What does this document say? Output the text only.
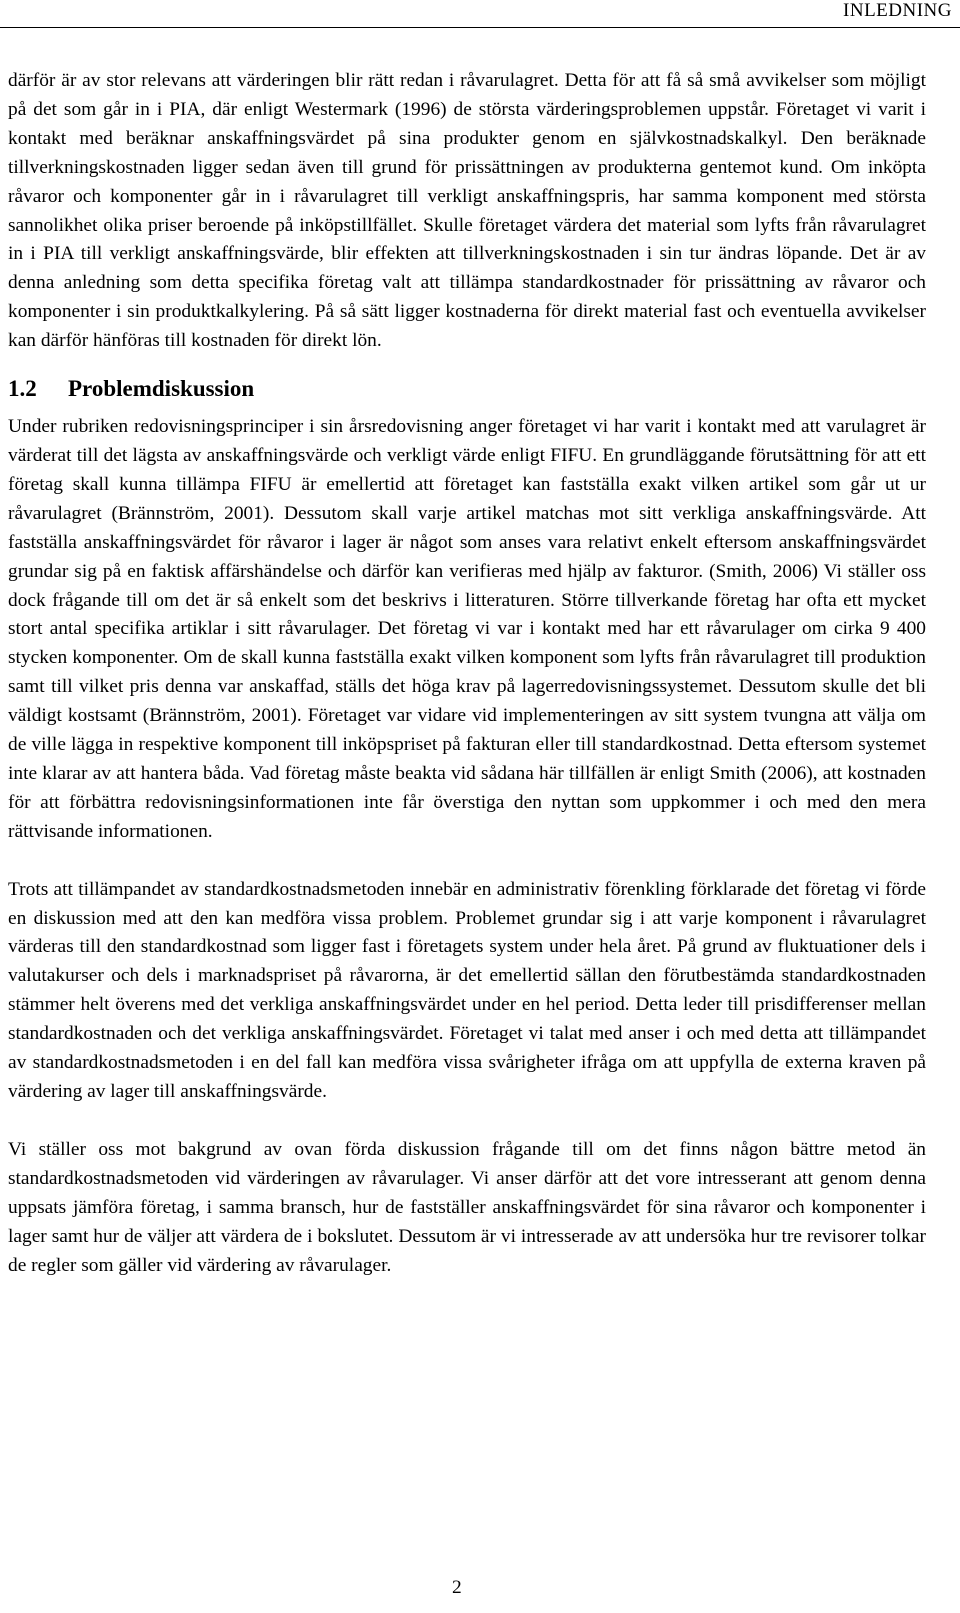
INLEDNING

därför är av stor relevans att värderingen blir rätt redan i råvarulagret. Detta för att få så små avvikelser som möjligt på det som går in i PIA, där enligt Westermark (1996) de största värderingsproblemen uppstår. Företaget vi varit i kontakt med beräknar anskaffningsvärdet på sina produkter genom en självkostnadskalkyl. Den beräknade tillverkningskostnaden ligger sedan även till grund för prissättningen av produkterna gentemot kund. Om inköpta råvaror och komponenter går in i råvarulagret till verkligt anskaffningspris, har samma komponent med största sannolikhet olika priser beroende på inköpstillfället. Skulle företaget värdera det material som lyfts från råvarulagret in i PIA till verkligt anskaffningsvärde, blir effekten att tillverkningskostnaden i sin tur ändras löpande. Det är av denna anledning som detta specifika företag valt att tillämpa standardkostnader för prissättning av råvaror och komponenter i sin produktkalkylering. På så sätt ligger kostnaderna för direkt material fast och eventuella avvikelser kan därför hänföras till kostnaden för direkt lön.

1.2 Problemdiskussion

Under rubriken redovisningsprinciper i sin årsredovisning anger företaget vi har varit i kontakt med att varulagret är värderat till det lägsta av anskaffningsvärde och verkligt värde enligt FIFU. En grundläggande förutsättning för att ett företag skall kunna tillämpa FIFU är emellertid att företaget kan fastställa exakt vilken artikel som går ut ur råvarulagret (Brännström, 2001). Dessutom skall varje artikel matchas mot sitt verkliga anskaffningsvärde. Att fastställa anskaffningsvärdet för råvaror i lager är något som anses vara relativt enkelt eftersom anskaffningsvärdet grundar sig på en faktisk affärshändelse och därför kan verifieras med hjälp av fakturor. (Smith, 2006) Vi ställer oss dock frågande till om det är så enkelt som det beskrivs i litteraturen. Större tillverkande företag har ofta ett mycket stort antal specifika artiklar i sitt råvarulager. Det företag vi var i kontakt med har ett råvarulager om cirka 9 400 stycken komponenter. Om de skall kunna fastställa exakt vilken komponent som lyfts från råvarulagret till produktion samt till vilket pris denna var anskaffad, ställs det höga krav på lagerredovisningssystemet. Dessutom skulle det bli väldigt kostsamt (Brännström, 2001). Företaget var vidare vid implementeringen av sitt system tvungna att välja om de ville lägga in respektive komponent till inköpspriset på fakturan eller till standardkostnad. Detta eftersom systemet inte klarar av att hantera båda. Vad företag måste beakta vid sådana här tillfällen är enligt Smith (2006), att kostnaden för att förbättra redovisningsinformationen inte får överstiga den nyttan som uppkommer i och med den mera rättvisande informationen.

Trots att tillämpandet av standardkostnadsmetoden innebär en administrativ förenkling förklarade det företag vi förde en diskussion med att den kan medföra vissa problem. Problemet grundar sig i att varje komponent i råvarulagret värderas till den standardkostnad som ligger fast i företagets system under hela året. På grund av fluktuationer dels i valutakurser och dels i marknadspriset på råvarorna, är det emellertid sällan den förutbestämda standardkostnaden stämmer helt överens med det verkliga anskaffningsvärdet under en hel period. Detta leder till prisdifferenser mellan standardkostnaden och det verkliga anskaffningsvärdet. Företaget vi talat med anser i och med detta att tillämpandet av standardkostnadsmetoden i en del fall kan medföra vissa svårigheter ifråga om att uppfylla de externa kraven på värdering av lager till anskaffningsvärde.

Vi ställer oss mot bakgrund av ovan förda diskussion frågande till om det finns någon bättre metod än standardkostnadsmetoden vid värderingen av råvarulager. Vi anser därför att det vore intresserant att genom denna uppsats jämföra företag, i samma bransch, hur de fastställer anskaffningsvärdet för sina råvaror och komponenter i lager samt hur de väljer att värdera de i bokslutet. Dessutom är vi intresserade av att undersöka hur tre revisorer tolkar de regler som gäller vid värdering av råvarulager.

2
